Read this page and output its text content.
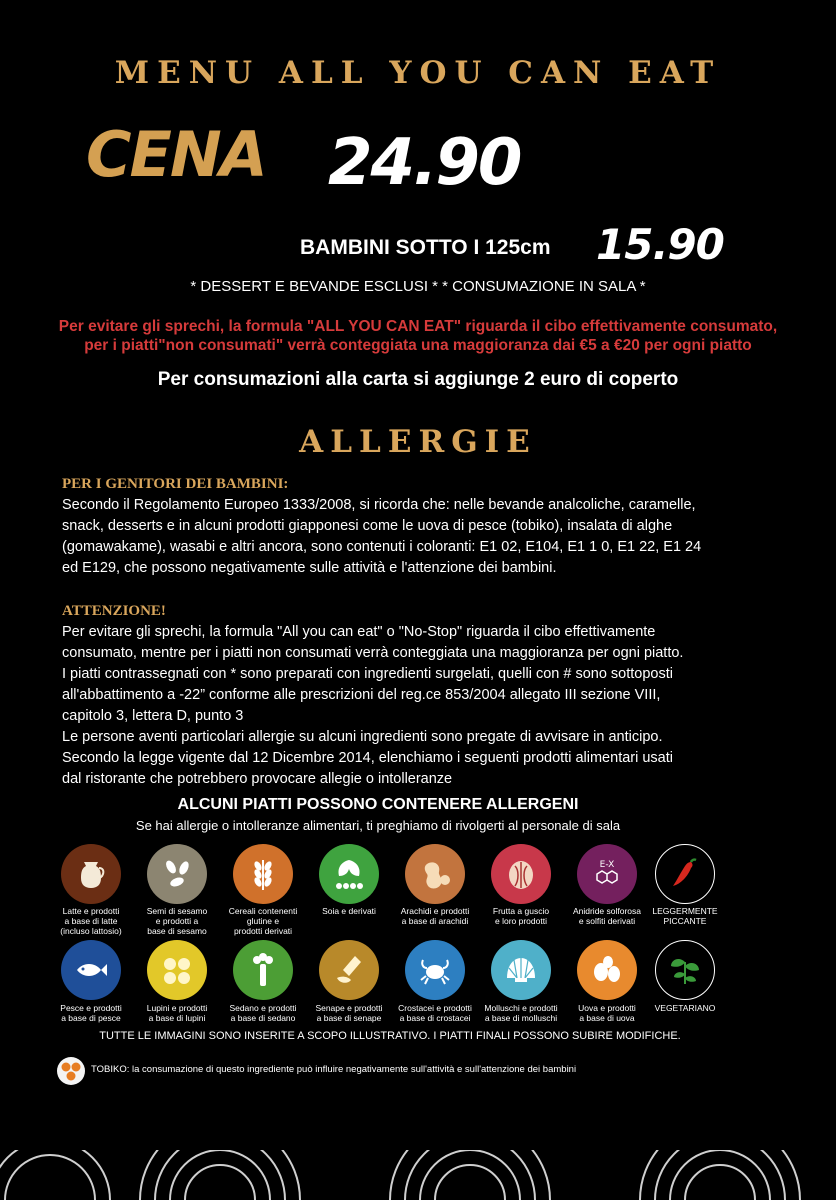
MENU ALL YOU CAN EAT
CENA 24.90
BAMBINI SOTTO I 125cm 15.90
* DESSERT E BEVANDE ESCLUSI * * CONSUMAZIONE IN SALA *
Per evitare gli sprechi, la formula "ALL YOU CAN EAT" riguarda il cibo effettivamente consumato,
per i piatti"non consumati" verrà conteggiata una maggioranza dai €5 a €20 per ogni piatto
Per consumazioni alla carta si aggiunge 2 euro di coperto
ALLERGIE
PER I GENITORI DEI BAMBINI:
Secondo il Regolamento Europeo 1333/2008, si ricorda che: nelle bevande analcoliche, caramelle,
snack, desserts e in alcuni prodotti giapponesi come le uova di pesce (tobiko), insalata di alghe
(gomawakame), wasabi e altri ancora, sono contenuti i coloranti: E1 02, E104, E1 1 0, E1 22, E1 24
ed E129, che possono negativamente sulle attività e l'attenzione dei bambini.
ATTENZIONE!
Per evitare gli sprechi, la formula "All you can eat" o "No-Stop" riguarda il cibo effettivamente
consumato, mentre per i piatti non consumati verrà conteggiata una maggioranza per ogni piatto.
I piatti contrassegnati con * sono preparati con ingredienti surgelati, quelli con # sono sottoposti
all'abbattimento a -22” conforme alle prescrizioni del reg.ce 853/2004 allegato III sezione VIII,
capitolo 3, lettera D, punto 3
Le persone aventi particolari allergie su alcuni ingredienti sono pregate di avvisare in anticipo.
Secondo la legge vigente dal 12 Dicembre 2014, elenchiamo i seguenti prodotti alimentari usati
dal ristorante che potrebbero provocare allegie o intolleranze
ALCUNI PIATTI POSSONO CONTENERE ALLERGENI
Se hai allergie o intolleranze alimentari, ti preghiamo di rivolgerti al personale di sala
E-X
Latte e prodotti
a base di latte
(incluso lattosio)
Semi di sesamo
e prodotti a
base di sesamo
Cereali contenenti
glutine e
prodotti derivati
Soia e derivati	Arachidi e prodotti
a base di arachidi
Frutta a guscio
e loro prodotti
Anidride solforosa
e solfiti derivati
LEGGERMENTE
PICCANTE
Pesce e prodotti
a base di pesce
Lupini e prodotti
a base di lupini
Sedano e prodotti
a base di sedano
Senape e prodotti
a base di senape
Crostacei e prodotti
a base di crostacei
Molluschi e prodotti
a base di molluschi
Uova e prodotti
a base di uova
VEGETARIANO
TUTTE LE IMMAGINI SONO INSERITE A SCOPO ILLUSTRATIVO. I PIATTI FINALI POSSONO SUBIRE MODIFICHE.
TOBIKO: la consumazione di questo ingrediente può influire negativamente sull'attività e sull'attenzione dei bambini
